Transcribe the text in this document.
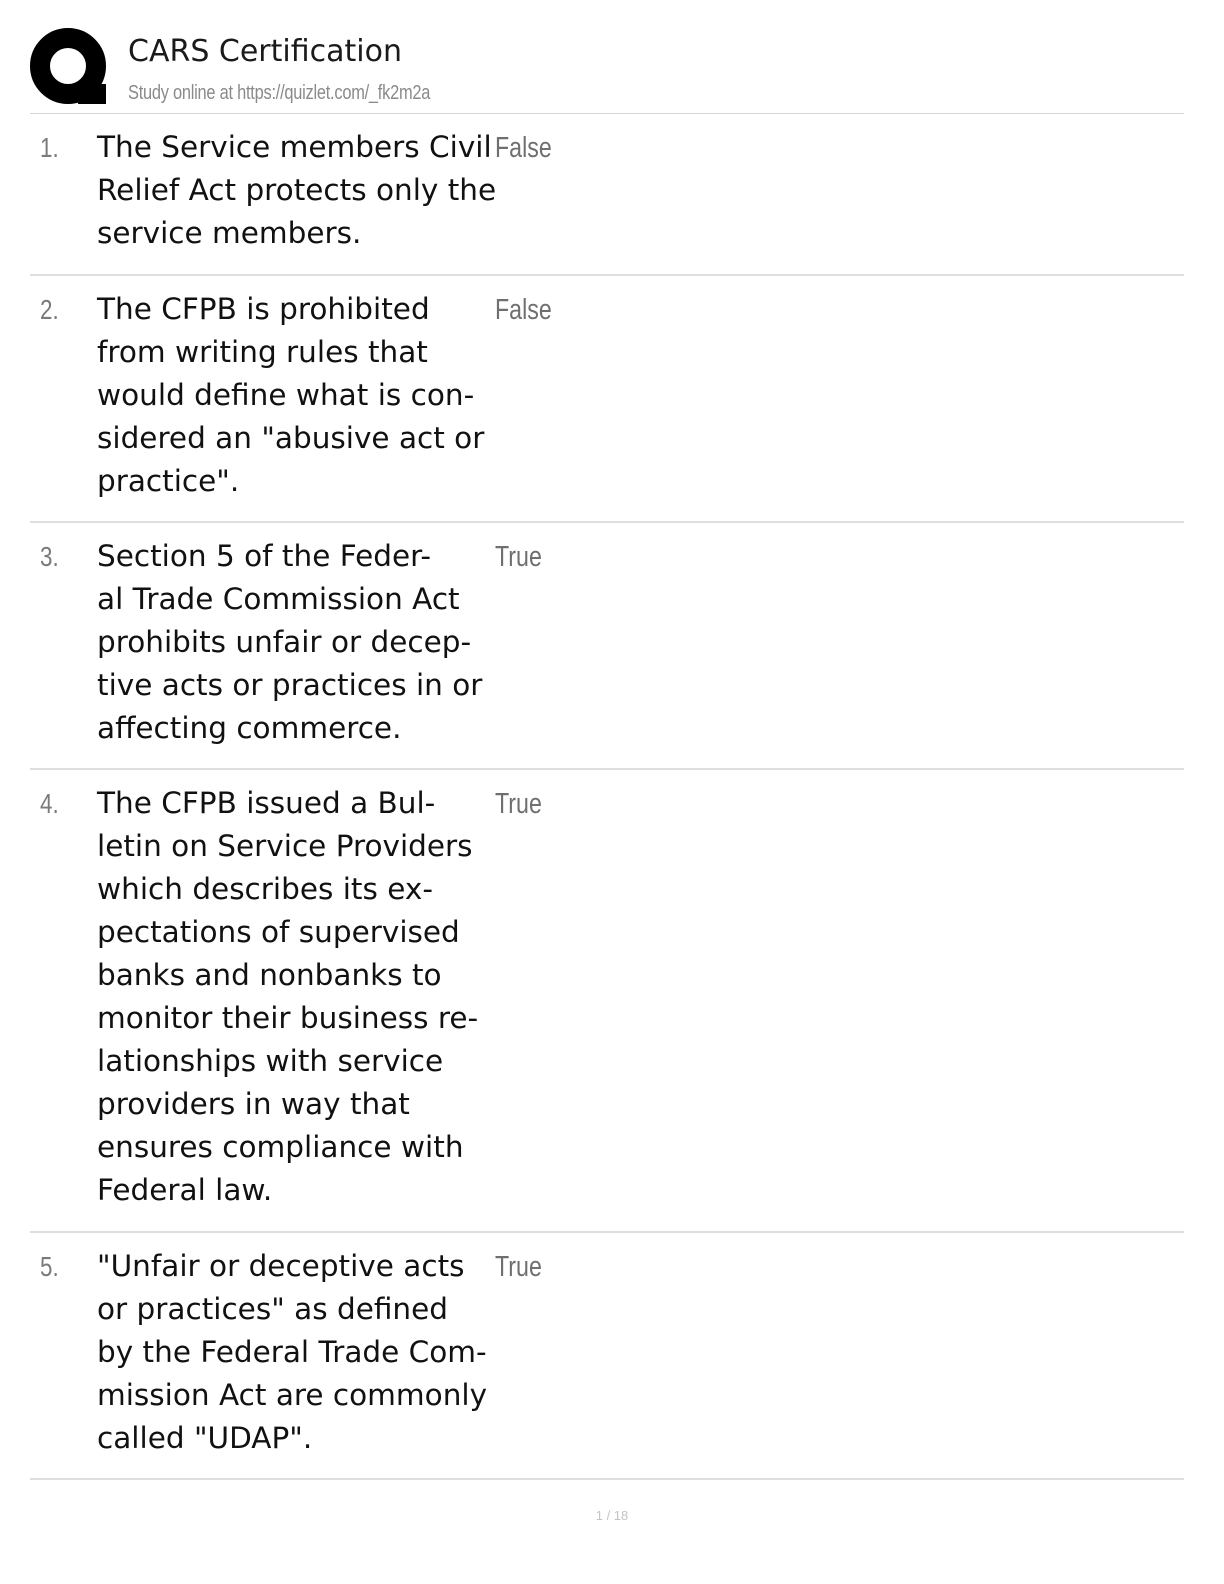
CARS Certification
Study online at https://quizlet.com/_fk2m2a
1. The Service members Civil
Relief Act protects only the
service members.
False
2. The CFPB is prohibited
from writing rules that
would define what is con-
sidered an "abusive act or
practice".
False
3. Section 5 of the Feder-
al Trade Commission Act
prohibits unfair or decep-
tive acts or practices in or
affecting commerce.
True
4. The CFPB issued a Bul-
letin on Service Providers
which describes its ex-
pectations of supervised
banks and nonbanks to
monitor their business re-
lationships with service
providers in way that
ensures compliance with
Federal law.
True
5. "Unfair or deceptive acts
or practices" as defined
by the Federal Trade Com-
mission Act are commonly
called "UDAP".
True
1 / 18
